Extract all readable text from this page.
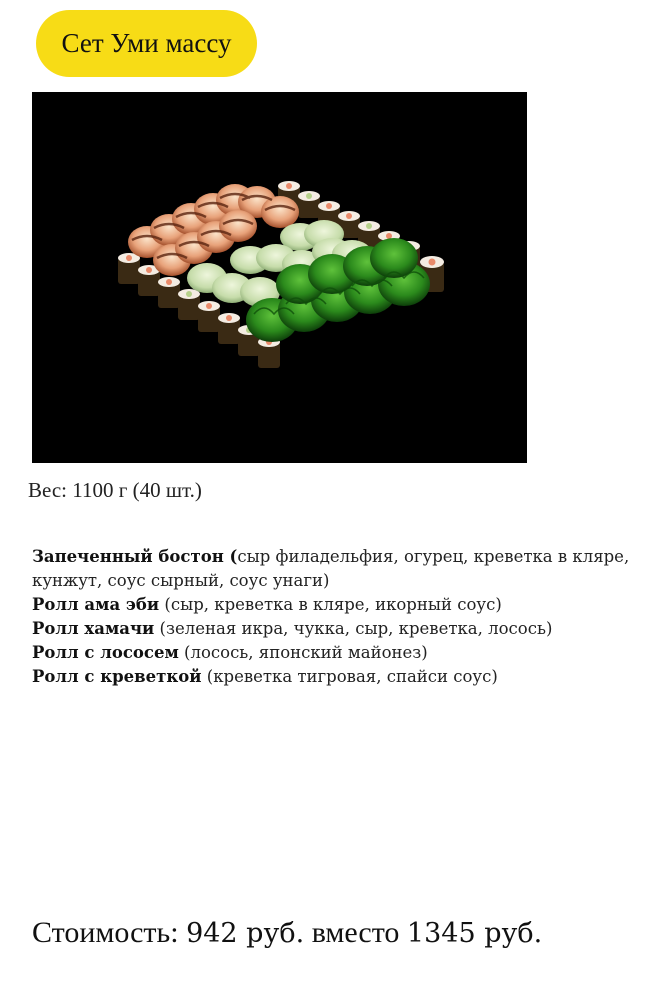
Сет Уми массу
Вес: 1100 г (40 шт.)
Запеченный бостон (сыр филадельфия, огурец, креветка в кляре, кунжут, соус сырный, соус унаги)
Ролл ама эби (сыр, креветка в кляре, икорный соус)
Ролл хамачи (зеленая икра, чукка, сыр, креветка, лосось)
Ролл с лососем (лосось, японский майонез)
Ролл с креветкой (креветка тигровая, спайси соус)
Стоимость: 942 руб. вместо 1345 руб.
